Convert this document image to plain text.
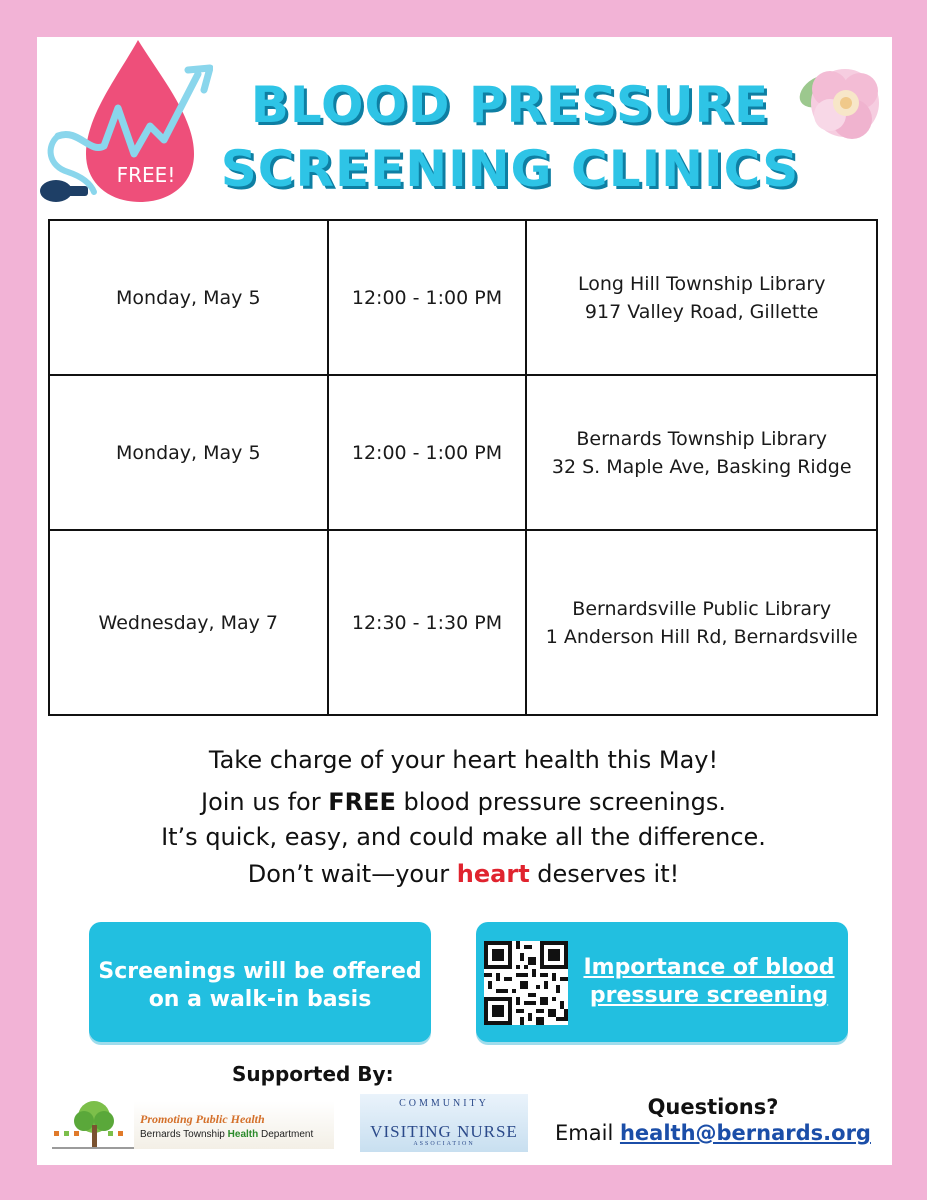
FREE!
BLOOD PRESSURE
SCREENING CLINICS
Monday, May 5	12:00 - 1:00 PM	Long Hill Township Library
917 Valley Road, Gillette

Monday, May 5	12:00 - 1:00 PM	Bernards Township Library
32 S. Maple Ave, Basking Ridge

Wednesday, May 7	12:30 - 1:30 PM	Bernardsville Public Library
1 Anderson Hill Rd, Bernardsville
Take charge of your heart health this May!
Join us for FREE blood pressure screenings.
It’s quick, easy, and could make all the difference.
Don’t wait—your heart deserves it!
Screenings will be offered
on a walk-in basis
Importance of blood
pressure screening
Supported By:
Promoting Public Health
Bernards Township Health Department
COMMUNITY
VISITING NURSE
ASSOCIATION
Questions?
Email health@bernards.org
